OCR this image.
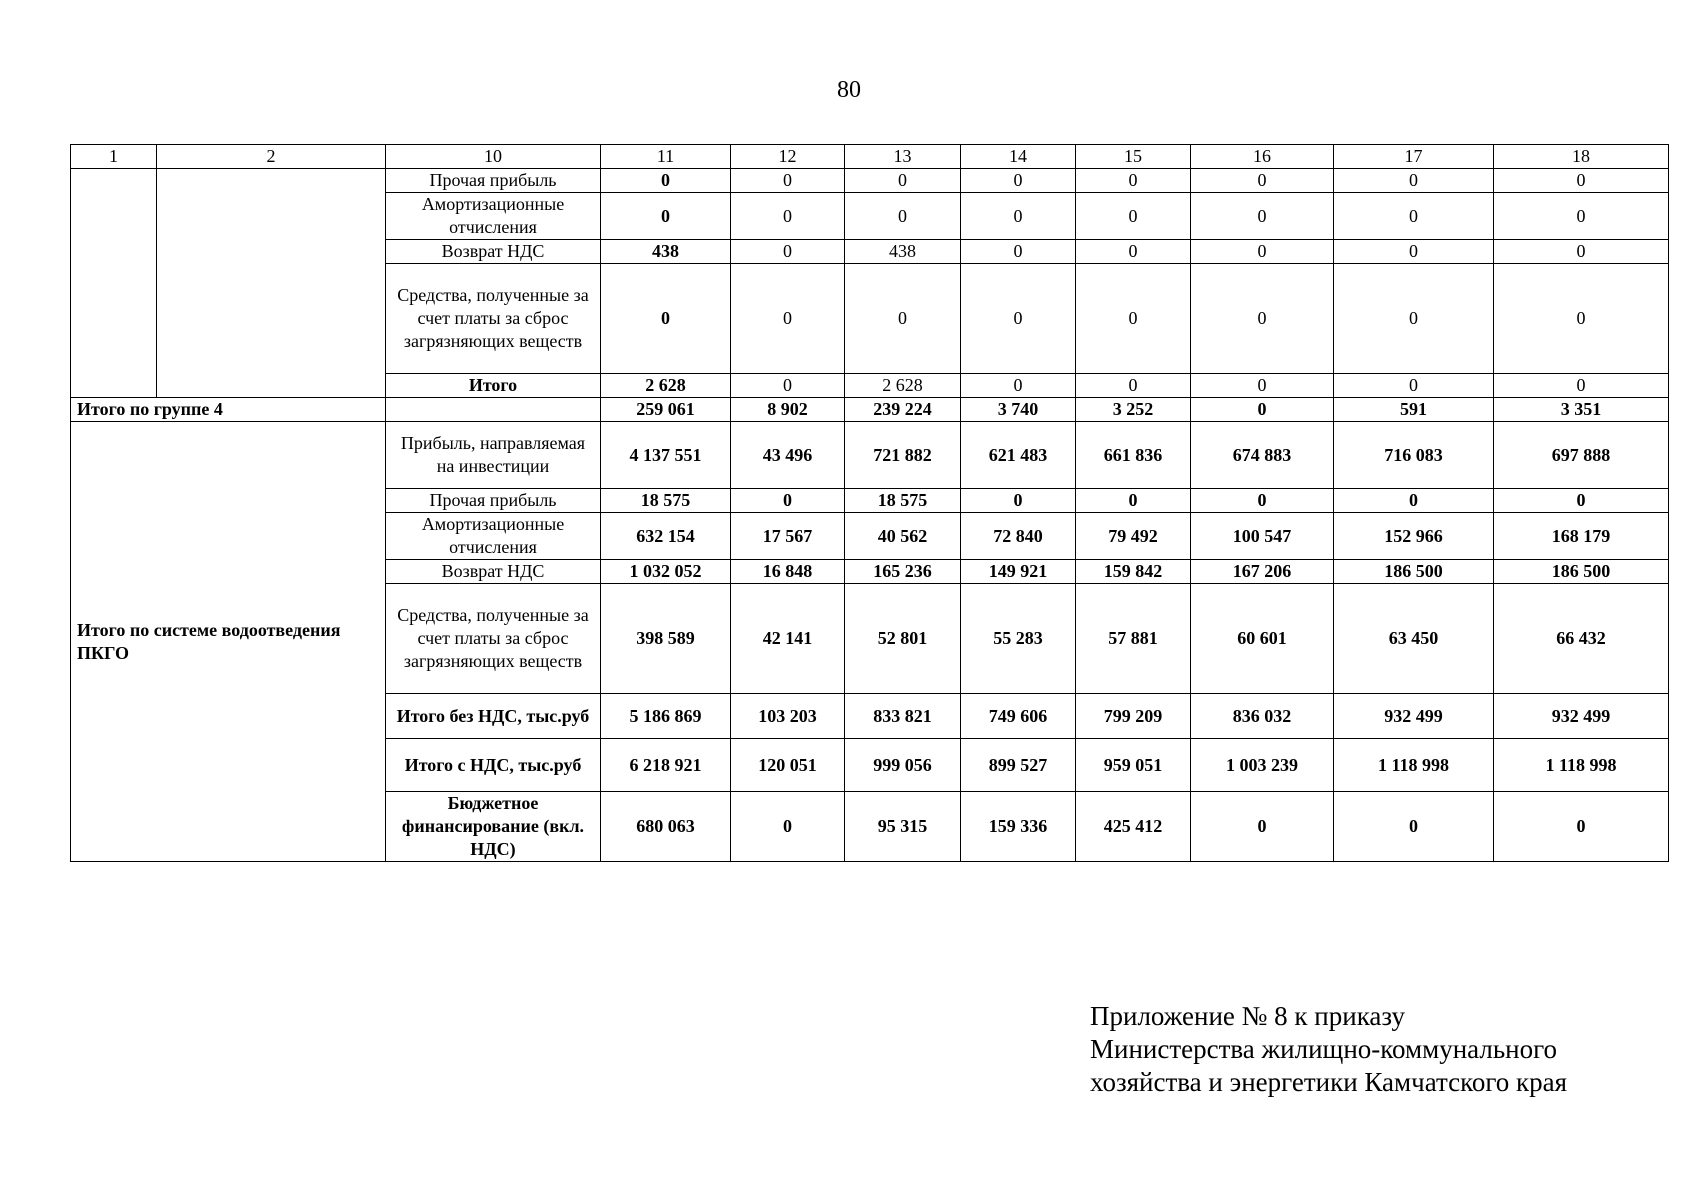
80
1	2	10	11	12	13	14	15	16	17	18
		Прочая прибыль	0	0	0	0	0	0	0	0
		Амортизационные отчисления	0	0	0	0	0	0	0	0
		Возврат НДС	438	0	438	0	0	0	0	0
		Средства, полученные за счет платы за сброс загрязняющих веществ	0	0	0	0	0	0	0	0
		Итого	2 628	0	2 628	0	0	0	0	0
Итого по группе 4			259 061	8 902	239 224	3 740	3 252	0	591	3 351
Итого по системе водоотведения ПКГО		Прибыль, направляемая на инвестиции	4 137 551	43 496	721 882	621 483	661 836	674 883	716 083	697 888
		Прочая прибыль	18 575	0	18 575	0	0	0	0	0
		Амортизационные отчисления	632 154	17 567	40 562	72 840	79 492	100 547	152 966	168 179
		Возврат НДС	1 032 052	16 848	165 236	149 921	159 842	167 206	186 500	186 500
		Средства, полученные за счет платы за сброс загрязняющих веществ	398 589	42 141	52 801	55 283	57 881	60 601	63 450	66 432
		Итого без НДС, тыс.руб	5 186 869	103 203	833 821	749 606	799 209	836 032	932 499	932 499
		Итого с НДС, тыс.руб	6 218 921	120 051	999 056	899 527	959 051	1 003 239	1 118 998	1 118 998
		Бюджетное финансирование (вкл. НДС)	680 063	0	95 315	159 336	425 412	0	0	0
Приложение № 8 к приказу
Министерства жилищно-коммунального
хозяйства и энергетики Камчатского края
